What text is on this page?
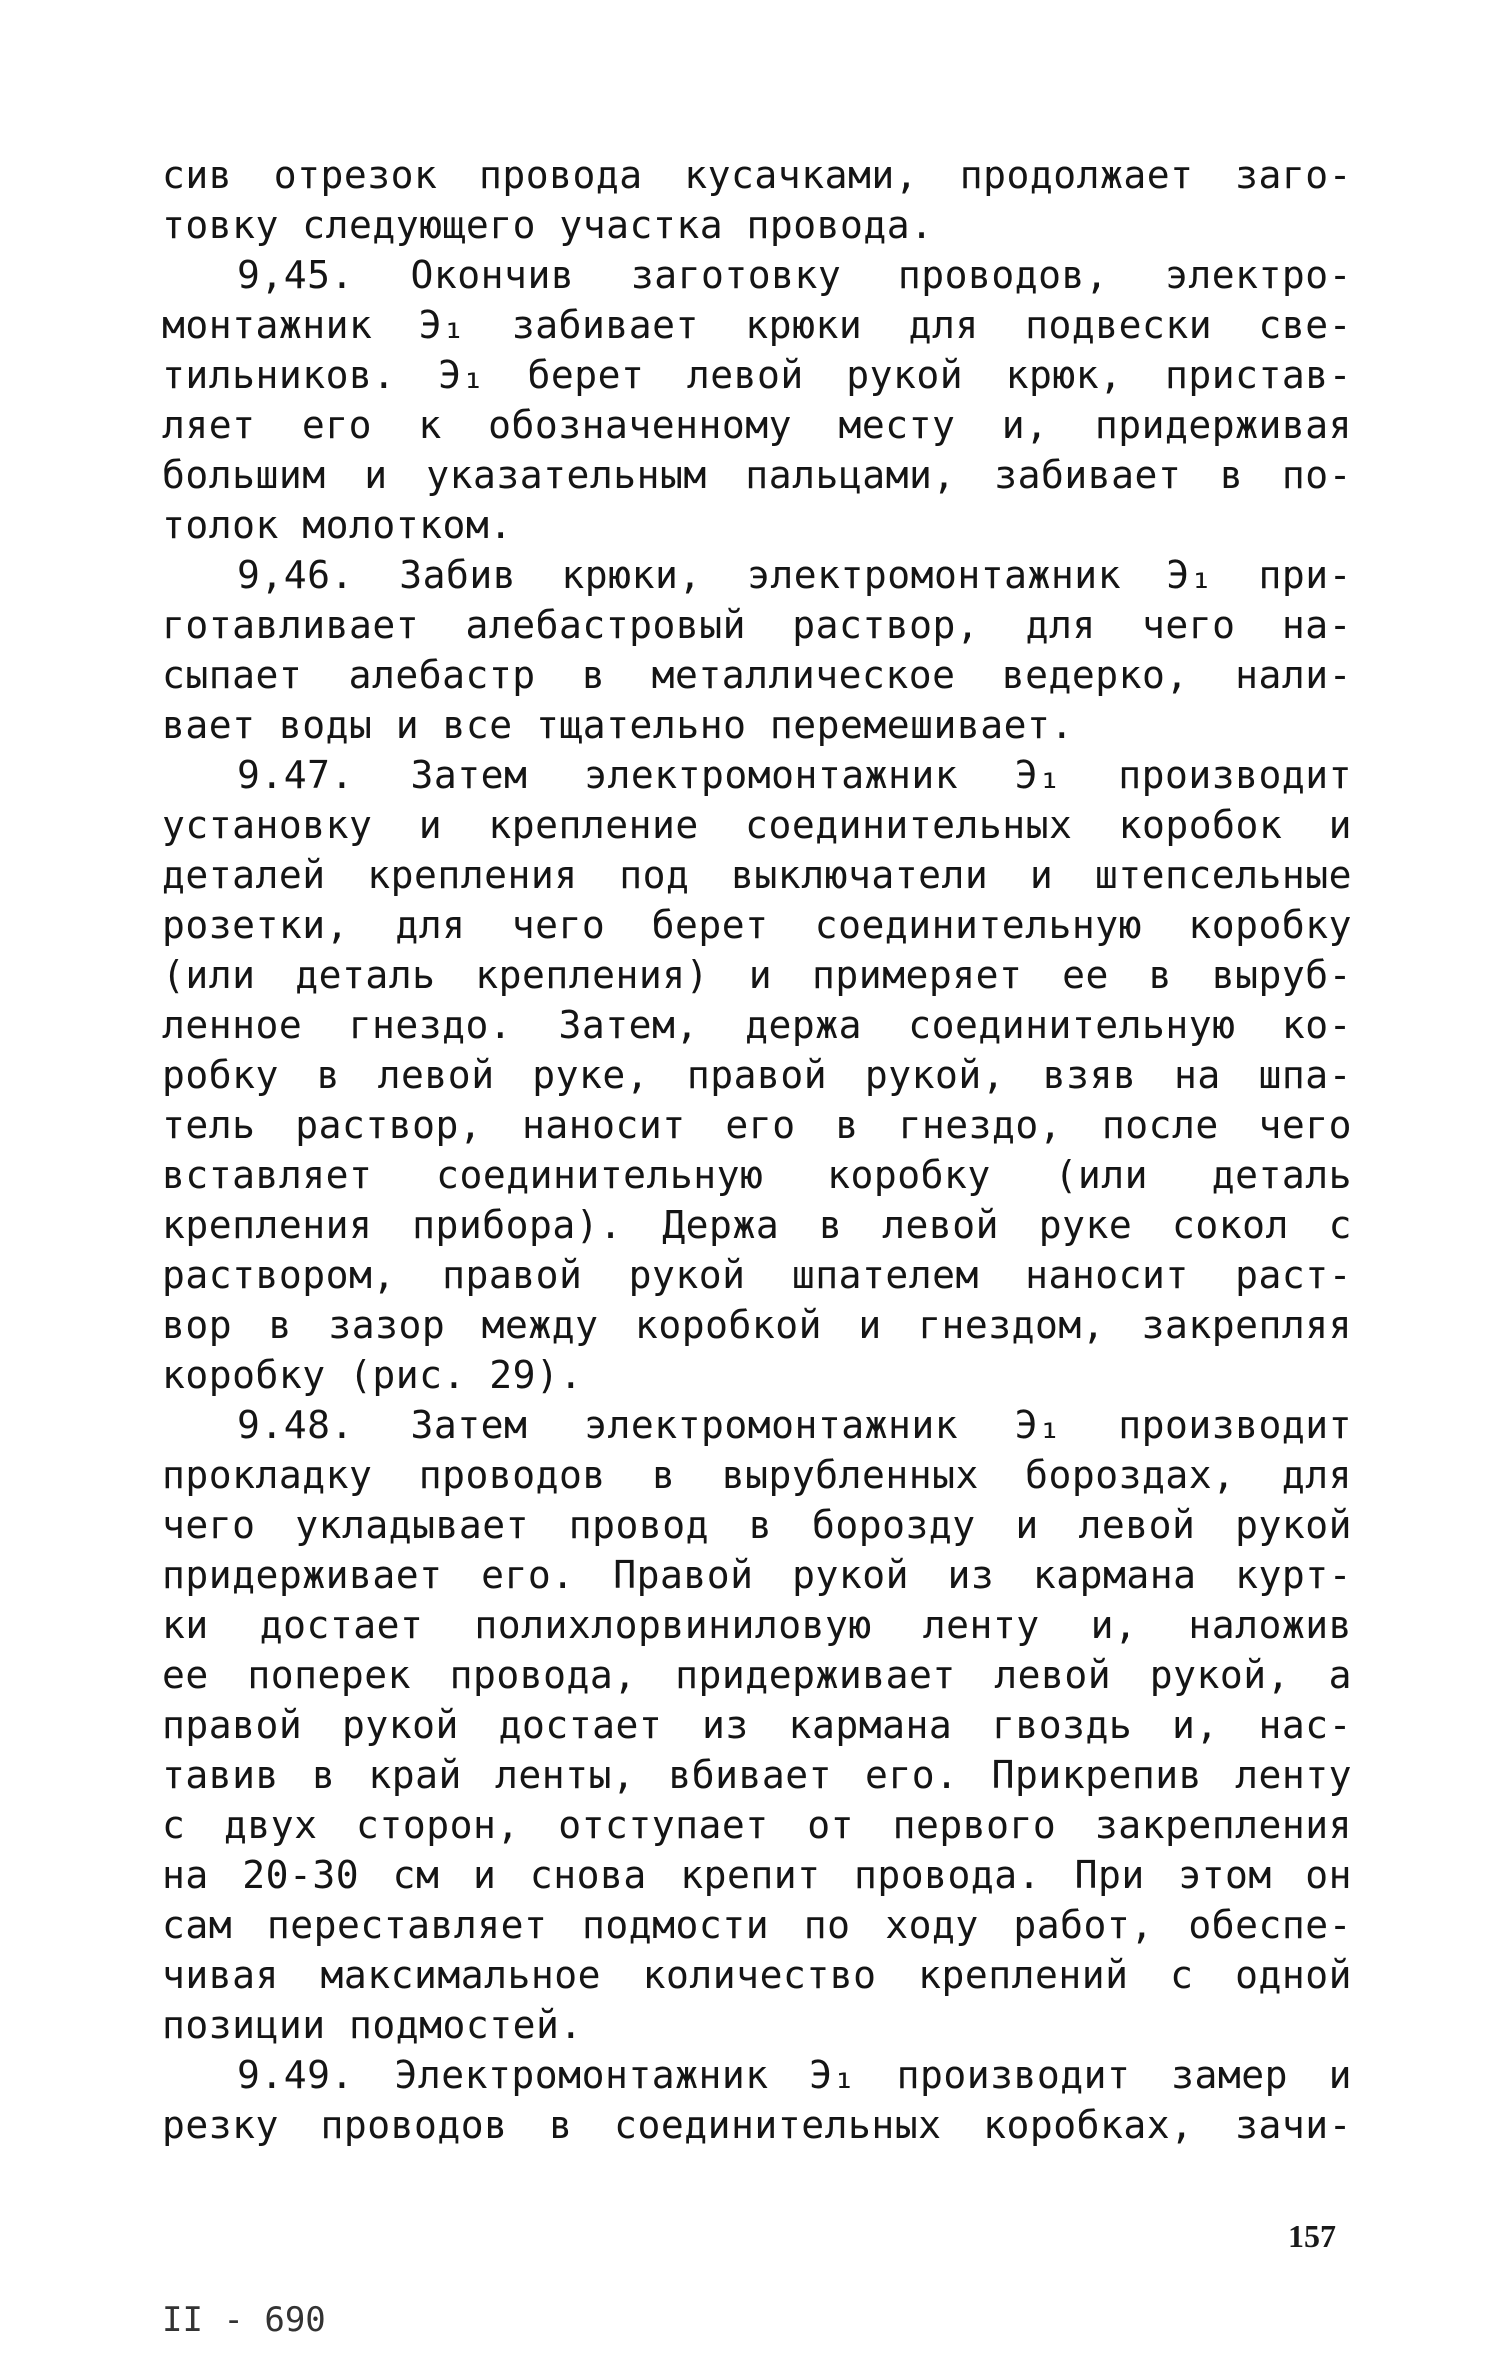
сив отрезок провода кусачками, продолжает заго-
товку следующего участка провода.
9,45. Окончив заготовку проводов, электро-
монтажник Э₁ забивает крюки для подвески све-
тильников. Э₁ берет левой рукой крюк, пристав-
ляет его к обозначенному месту и, придерживая
большим и указательным пальцами, забивает в по-
толок молотком.
9,46. Забив крюки, электромонтажник Э₁ при-
готавливает алебастровый раствор, для чего на-
сыпает алебастр в металлическое ведерко, нали-
вает воды и все тщательно перемешивает.
9.47. Затем электромонтажник Э₁ производит
установку и крепление соединительных коробок и
деталей крепления под выключатели и штепсельные
розетки, для чего берет соединительную коробку
(или деталь крепления) и примеряет ее в выруб-
ленное гнездо. Затем, держа соединительную ко-
робку в левой руке, правой рукой, взяв на шпа-
тель раствор, наносит его в гнездо, после чего
вставляет соединительную коробку (или деталь
крепления прибора). Держа в левой руке сокол с
раствором, правой рукой шпателем наносит раст-
вор в зазор между коробкой и гнездом, закрепляя
коробку (рис. 29).
9.48. Затем электромонтажник Э₁ производит
прокладку проводов в вырубленных бороздах, для
чего укладывает провод в борозду и левой рукой
придерживает его. Правой рукой из кармана курт-
ки достает полихлорвиниловую ленту и, наложив
ее поперек провода, придерживает левой рукой, а
правой рукой достает из кармана гвоздь и, нас-
тавив в край ленты, вбивает его. Прикрепив ленту
с двух сторон, отступает от первого закрепления
на 20-30 см и снова крепит провода. При этом он
сам переставляет подмости по ходу работ, обеспе-
чивая максимальное количество креплений с одной
позиции подмостей.
9.49. Электромонтажник Э₁ производит замер и
резку проводов в соединительных коробках, зачи-
157
II - 690
